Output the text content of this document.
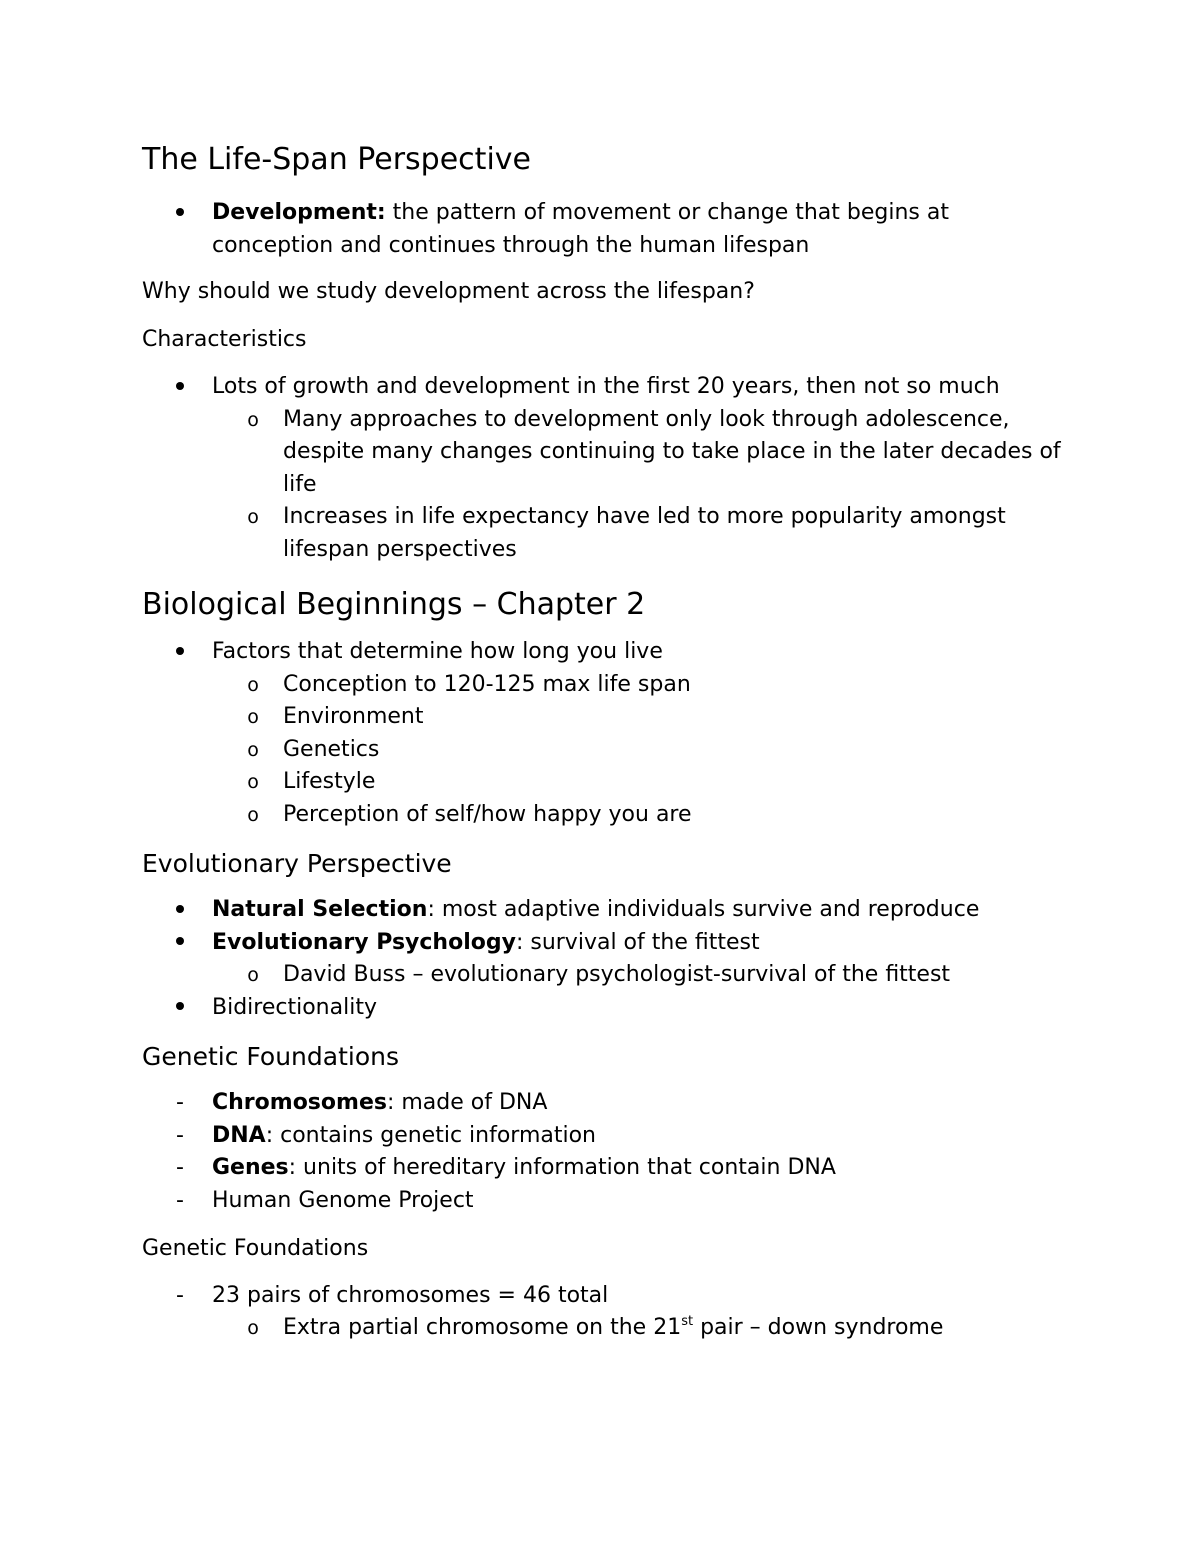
The Life-Span Perspective
Development: the pattern of movement or change that begins at conception and continues through the human lifespan

Why should we study development across the lifespan?

Characteristics

Lots of growth and development in the first 20 years, then not so much
o Many approaches to development only look through adolescence, despite many changes continuing to take place in the later decades of life
o Increases in life expectancy have led to more popularity amongst lifespan perspectives
Biological Beginnings – Chapter 2
Factors that determine how long you live
o Conception to 120-125 max life span
o Environment
o Genetics
o Lifestyle
o Perception of self/how happy you are
Evolutionary Perspective
Natural Selection: most adaptive individuals survive and reproduce
Evolutionary Psychology: survival of the fittest
o David Buss – evolutionary psychologist-survival of the fittest
Bidirectionality
Genetic Foundations
- Chromosomes: made of DNA
- DNA: contains genetic information
- Genes: units of hereditary information that contain DNA
- Human Genome Project

Genetic Foundations

- 23 pairs of chromosomes = 46 total
o Extra partial chromosome on the 21st pair – down syndrome
